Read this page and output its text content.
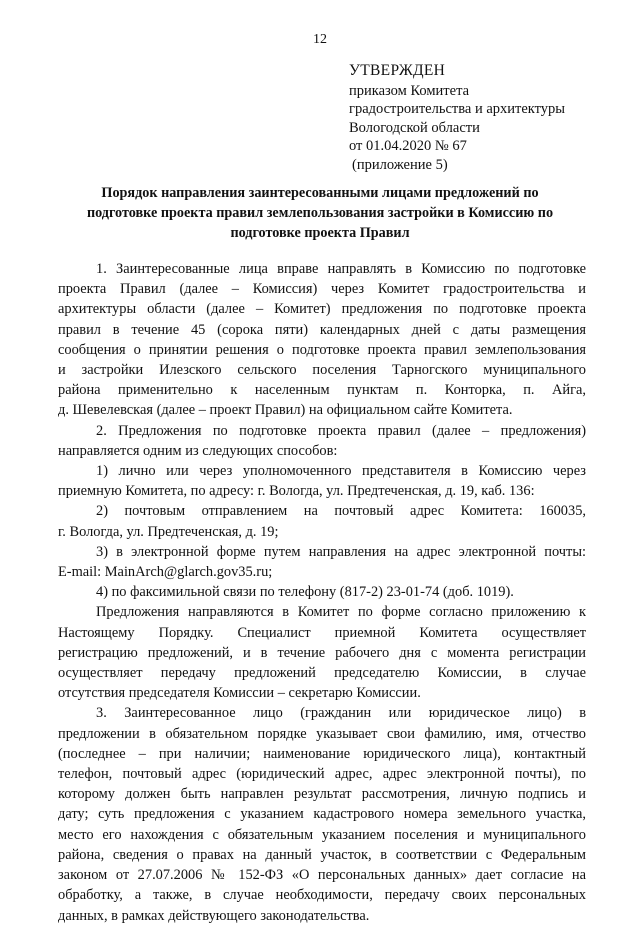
12
УТВЕРЖДЕН
приказом Комитета
градостроительства и архитектуры
Вологодской области
от 01.04.2020 № 67
(приложение 5)
Порядок направления заинтересованными лицами предложений по
подготовке проекта правил землепользования застройки в Комиссию по
подготовке проекта Правил
1. Заинтересованные лица вправе направлять в Комиссию по подготовке
проекта Правил (далее – Комиссия) через Комитет градостроительства и
архитектуры области (далее – Комитет) предложения по подготовке проекта
правил в течение 45 (сорока пяти) календарных дней с даты размещения
сообщения о принятии решения о подготовке проекта правил землепользования
и застройки Илезского сельского поселения Тарногского муниципального
района применительно к населенным пунктам п. Конторка, п. Айга,
д. Шевелевская (далее – проект Правил) на официальном сайте Комитета.
2. Предложения по подготовке проекта правил (далее – предложения)
направляется одним из следующих способов:
1) лично или через уполномоченного представителя в Комиссию через
приемную Комитета, по адресу: г. Вологда, ул. Предтеченская, д. 19, каб. 136:
2) почтовым отправлением на почтовый адрес Комитета: 160035,
г. Вологда, ул. Предтеченская, д. 19;
3) в электронной форме путем направления на адрес электронной почты:
E-mail: MainArch@glarch.gov35.ru;
4) по факсимильной связи по телефону (817-2) 23-01-74 (доб. 1019).
Предложения направляются в Комитет по форме согласно приложению к
Настоящему Порядку. Специалист приемной Комитета осуществляет
регистрацию предложений, и в течение рабочего дня с момента регистрации
осуществляет передачу предложений председателю Комиссии, в случае
отсутствия председателя Комиссии – секретарю Комиссии.
3. Заинтересованное лицо (гражданин или юридическое лицо) в
предложении в обязательном порядке указывает свои фамилию, имя, отчество
(последнее – при наличии; наименование юридического лица), контактный
телефон, почтовый адрес (юридический адрес, адрес электронной почты), по
которому должен быть направлен результат рассмотрения, личную подпись и
дату; суть предложения с указанием кадастрового номера земельного участка,
место его нахождения с обязательным указанием поселения и муниципального
района, сведения о правах на данный участок, в соответствии с Федеральным
законом от 27.07.2006 № 152-ФЗ «О персональных данных» дает согласие на
обработку, а также, в случае необходимости, передачу своих персональных
данных, в рамках действующего законодательства.
